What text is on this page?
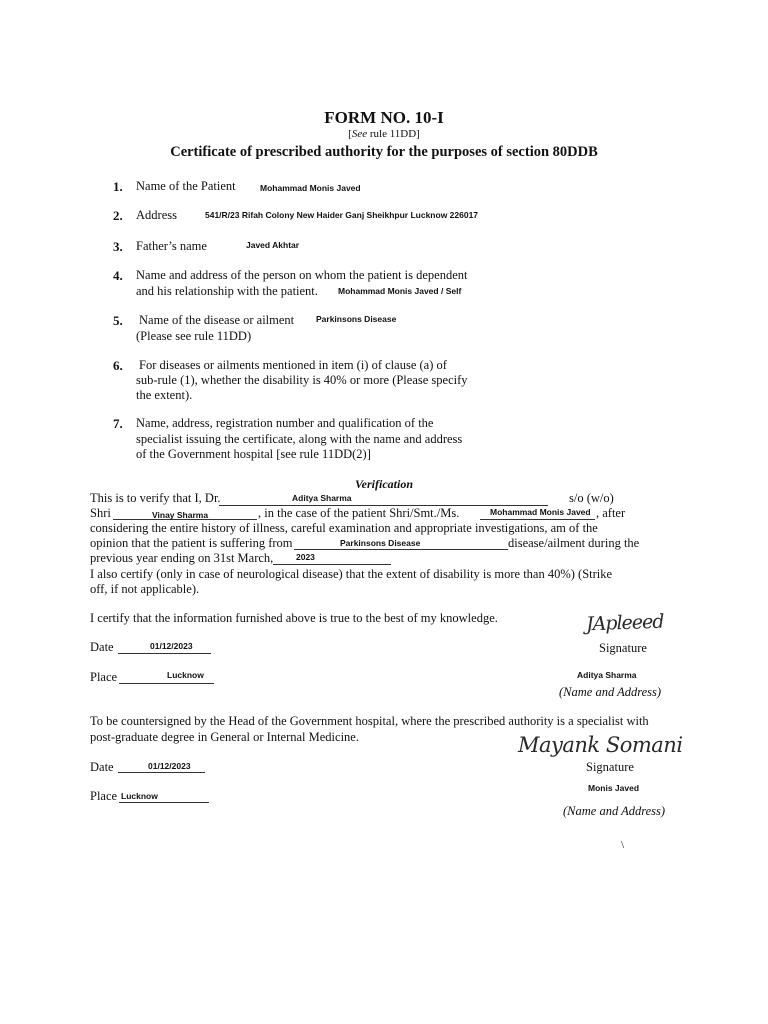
FORM NO. 10-I
[See rule 11DD]
Certificate of prescribed authority for the purposes of section 80DDB
1. Name of the Patient	Mohammad Monis Javed
2. Address	541/R/23 Rifah Colony New Haider Ganj Sheikhpur Lucknow 226017
3. Father’s name	Javed Akhtar
4. Name and address of the person on whom the patient is dependent
and his relationship with the patient. Mohammad Monis Javed / Self
5. Name of the disease or ailment
(Please see rule 11DD)
Parkinsons Disease
6. For diseases or ailments mentioned in item (i) of clause (a) of
sub-rule (1), whether the disability is 40% or more (Please specify
the extent).
7. Name, address, registration number and qualification of the
specialist issuing the certificate, along with the name and address
of the Government hospital [see rule 11DD(2)]
Verification
This is to verify that I, Dr.	Aditya Sharma	s/o (w/o)
Shri	Vinay Sharma	, in the case of the patient Shri/Smt./Ms.	Mohammad Monis Javed , after
considering the entire history of illness, careful examination and appropriate investigations, am of the
opinion that the patient is suffering from	Parkinsons Disease	disease/ailment during the
previous year ending on 31st March,	2023
I also certify (only in case of neurological disease) that the extent of disability is more than 40%) (Strike
off, if not applicable).
I certify that the information furnished above is true to the best of my knowledge.	JApleeed
Signature
Date	01/12/2023
Aditya Sharma
Place	Lucknow
(Name and Address)
To be countersigned by the Head of the Government hospital, where the prescribed authority is a specialist with
post-graduate degree in General or Internal Medicine.	Mayank Somani
Signature
Date	01/12/2023
Monis Javed
Place Lucknow
(Name and Address)
\
